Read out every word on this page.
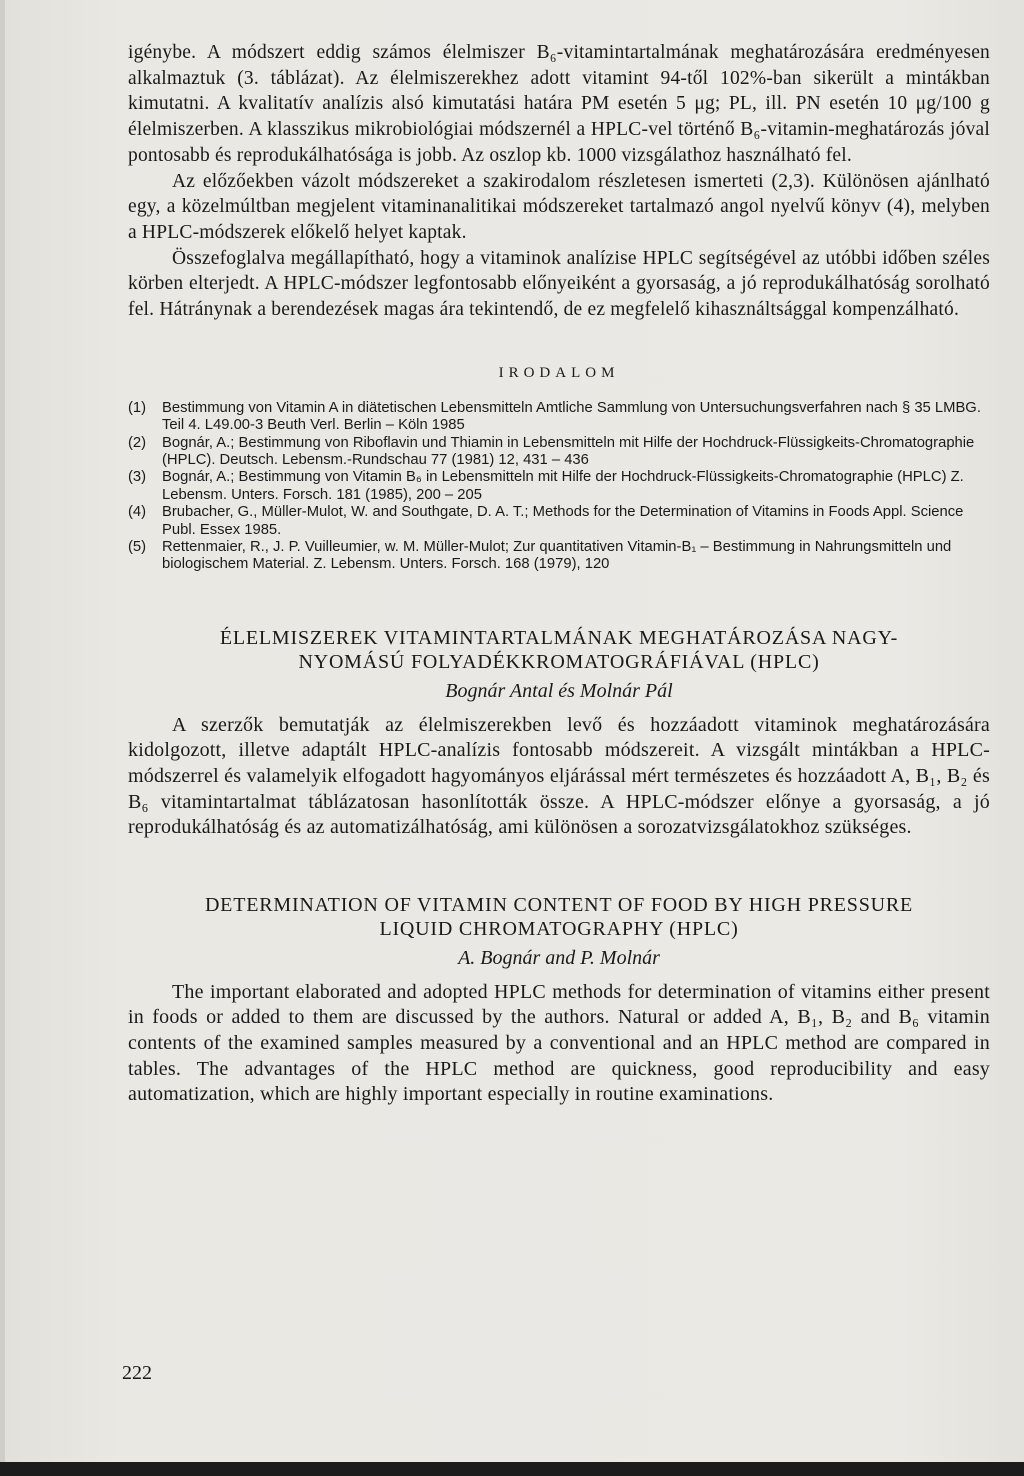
igénybe. A módszert eddig számos élelmiszer B₆-vitamintartalmának meghatározására eredményesen alkalmaztuk (3. táblázat). Az élelmiszerekhez adott vitamint 94-től 102%-ban sikerült a mintákban kimutatni. A kvalitatív analízis alsó kimutatási határa PM esetén 5 μg; PL, ill. PN esetén 10 μg/100 g élelmiszerben. A klasszikus mikrobiológiai módszernél a HPLC-vel történő B₆-vitamin-meghatározás jóval pontosabb és reprodukálhatósága is jobb. Az oszlop kb. 1000 vizsgálathoz használható fel.

Az előzőekben vázolt módszereket a szakirodalom részletesen ismerteti (2,3). Különösen ajánlható egy, a közelmúltban megjelent vitaminanalitikai módszereket tartalmazó angol nyelvű könyv (4), melyben a HPLC-módszerek előkelő helyet kaptak.

Összefoglalva megállapítható, hogy a vitaminok analízise HPLC segítségével az utóbbi időben széles körben elterjedt. A HPLC-módszer legfontosabb előnyeiként a gyorsaság, a jó reprodukálhatóság sorolható fel. Hátránynak a berendezések magas ára tekintendő, de ez megfelelő kihasználtsággal kompenzálható.

IRODALOM
(1)	Bestimmung von Vitamin A in diätetischen Lebensmitteln Amtliche Sammlung von Untersuchungsverfahren nach § 35 LMBG. Teil 4. L49.00-3 Beuth Verl. Berlin – Köln 1985
(2)	Bognár, A.; Bestimmung von Riboflavin und Thiamin in Lebensmitteln mit Hilfe der Hochdruck-Flüssigkeits-Chromatographie (HPLC). Deutsch. Lebensm.-Rundschau 77 (1981) 12, 431 – 436
(3)	Bognár, A.; Bestimmung von Vitamin B₆ in Lebensmitteln mit Hilfe der Hochdruck-Flüssigkeits-Chromatographie (HPLC) Z. Lebensm. Unters. Forsch. 181 (1985), 200 – 205
(4)	Brubacher, G., Müller-Mulot, W. and Southgate, D. A. T.; Methods for the Determination of Vitamins in Foods Appl. Science Publ. Essex 1985.
(5)	Rettenmaier, R., J. P. Vuilleumier, w. M. Müller-Mulot; Zur quantitativen Vitamin-B₁ – Bestimmung in Nahrungsmitteln und biologischem Material. Z. Lebensm. Unters. Forsch. 168 (1979), 120
ÉLELMISZEREK VITAMINTARTALMÁNAK MEGHATÁROZÁSA NAGY-
NYOMÁSÚ FOLYADÉKKROMATOGRÁFIÁVAL (HPLC)
Bognár Antal és Molnár Pál

A szerzők bemutatják az élelmiszerekben levő és hozzáadott vitaminok meghatározására kidolgozott, illetve adaptált HPLC-analízis fontosabb módszereit. A vizsgált mintákban a HPLC-módszerrel és valamelyik elfogadott hagyományos eljárással mért természetes és hozzáadott A, B₁, B₂ és B₆ vitamintartalmat táblázatosan hasonlították össze. A HPLC-módszer előnye a gyorsaság, a jó reprodukálhatóság és az automatizálhatóság, ami különösen a sorozatvizsgálatokhoz szükséges.

DETERMINATION OF VITAMIN CONTENT OF FOOD BY HIGH PRESSURE
LIQUID CHROMATOGRAPHY (HPLC)
A. Bognár and P. Molnár

The important elaborated and adopted HPLC methods for determination of vitamins either present in foods or added to them are discussed by the authors. Natural or added A, B₁, B₂ and B₆ vitamin contents of the examined samples measured by a conventional and an HPLC method are compared in tables. The advantages of the HPLC method are quickness, good reproducibility and easy automatization, which are highly important especially in routine examinations.

222
